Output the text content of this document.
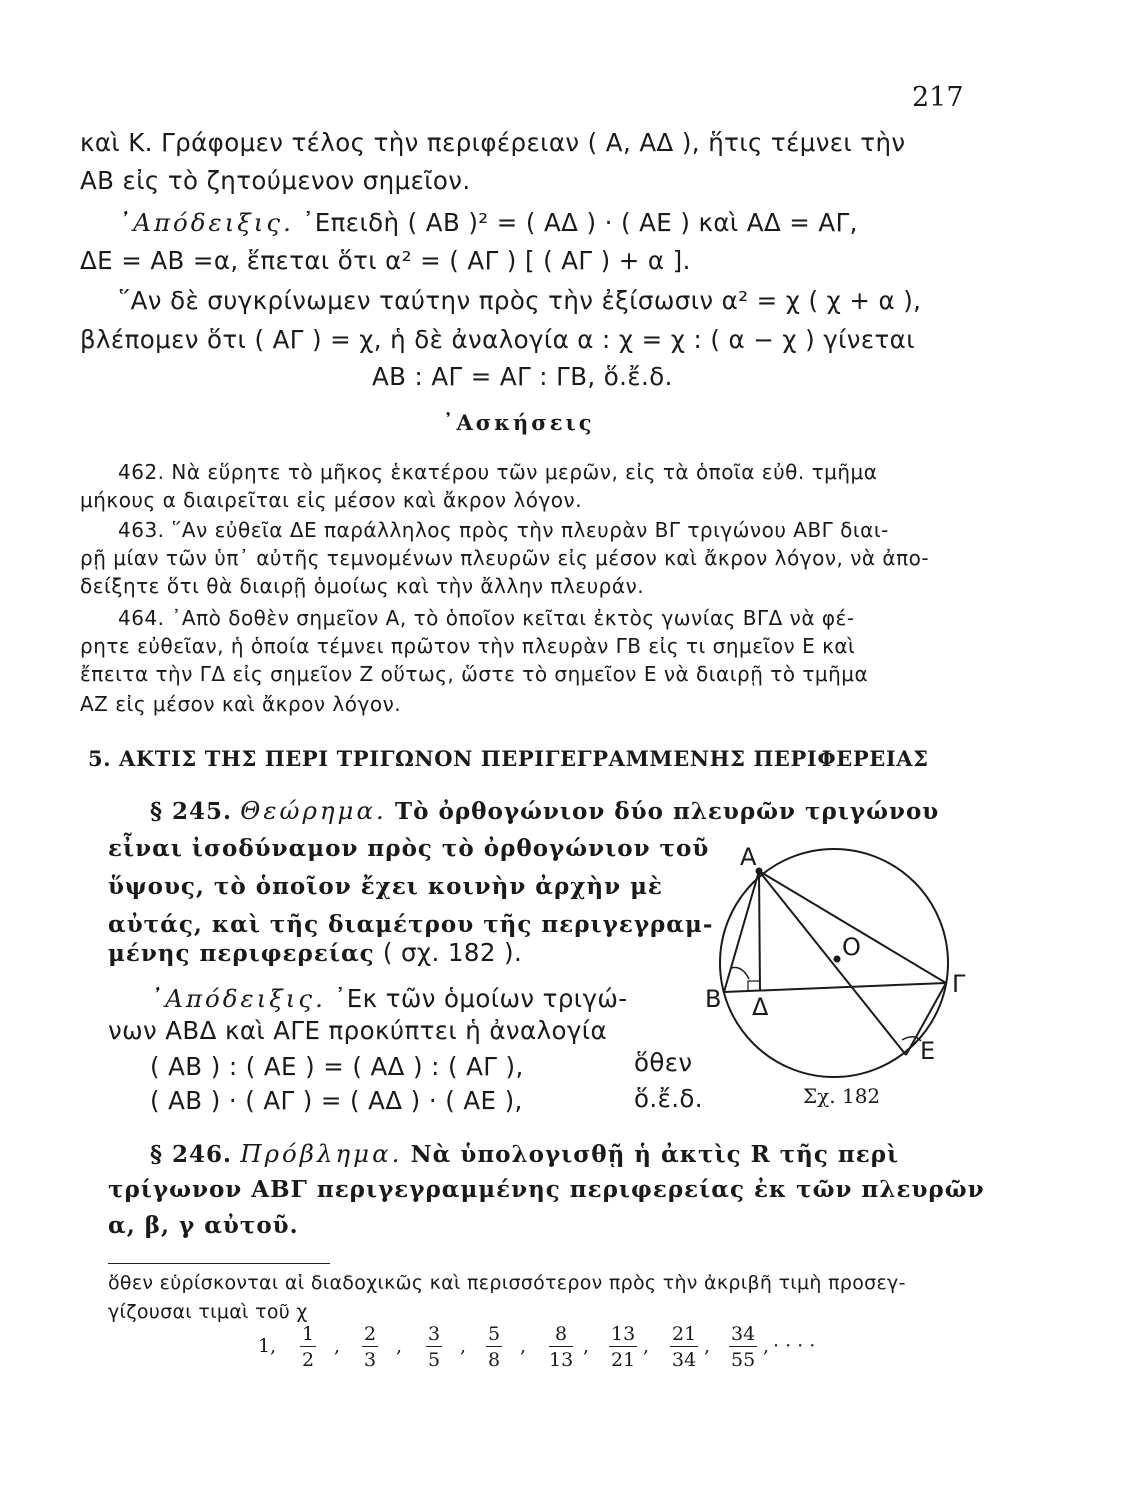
217
καὶ Κ. Γράφομεν τέλος τὴν περιφέρειαν ( Α, ΑΔ ), ἥτις τέμνει τὴν
ΑΒ εἰς τὸ ζητούμενον σημεῖον.
᾿Απόδειξις. ᾿Επειδὴ ( ΑΒ )² = ( ΑΔ ) · ( ΑΕ ) καὶ ΑΔ = ΑΓ,
ΔΕ = ΑΒ =α, ἕπεται ὅτι α² = ( ΑΓ ) [ ( ΑΓ ) + α ].
῞Αν δὲ συγκρίνωμεν ταύτην πρὸς τὴν ἐξίσωσιν α² = χ ( χ + α ),
βλέπομεν ὅτι ( ΑΓ ) = χ, ἡ δὲ ἀναλογία α : χ = χ : ( α − χ ) γίνεται
ΑΒ : ΑΓ = ΑΓ : ΓΒ, ὅ.ἔ.δ.
᾿Ασκήσεις
462. Νὰ εὕρητε τὸ μῆκος ἑκατέρου τῶν μερῶν, εἰς τὰ ὁποῖα εὐθ. τμῆμα
μήκους α διαιρεῖται εἰς μέσον καὶ ἄκρον λόγον.
463. ῞Αν εὐθεῖα ΔΕ παράλληλος πρὸς τὴν πλευρὰν ΒΓ τριγώνου ΑΒΓ διαι-
ρῇ μίαν τῶν ὑπ᾿ αὐτῆς τεμνομένων πλευρῶν εἰς μέσον καὶ ἄκρον λόγον, νὰ ἀπο-
δείξητε ὅτι θὰ διαιρῇ ὁμοίως καὶ τὴν ἄλλην πλευράν.
464. ᾿Απὸ δοθὲν σημεῖον Α, τὸ ὁποῖον κεῖται ἐκτὸς γωνίας ΒΓΔ νὰ φέ-
ρητε εὐθεῖαν, ἡ ὁποία τέμνει πρῶτον τὴν πλευρὰν ΓΒ εἰς τι σημεῖον Ε καὶ
ἔπειτα τὴν ΓΔ εἰς σημεῖον Ζ οὕτως, ὥστε τὸ σημεῖον Ε νὰ διαιρῇ τὸ τμῆμα
ΑΖ εἰς μέσον καὶ ἄκρον λόγον.
5. ΑΚΤΙΣ ΤΗΣ ΠΕΡΙ ΤΡΙΓΩΝΟΝ ΠΕΡΙΓΕΓΡΑΜΜΕΝΗΣ ΠΕΡΙΦΕΡΕΙΑΣ
§ 245. Θεώρημα. Τὸ ὀρθογώνιον δύο πλευρῶν τριγώνου
εἶναι ἰσοδύναμον πρὸς τὸ ὀρθογώνιον τοῦ
ὕψους, τὸ ὁποῖον ἔχει κοινὴν ἀρχὴν μὲ
αὐτάς, καὶ τῆς διαμέτρου τῆς περιγεγραμ-
μένης περιφερείας ( σχ. 182 ).
᾿Απόδειξις. ᾿Εκ τῶν ὁμοίων τριγώ-
νων ΑΒΔ καὶ ΑΓΕ προκύπτει ἡ ἀναλογία
( ΑΒ ) : ( ΑΕ ) = ( ΑΔ ) : ( ΑΓ ),	ὅθεν
( ΑΒ ) · ( ΑΓ ) = ( ΑΔ ) · ( ΑΕ ),	ὅ.ἔ.δ.
Α
Ο
Β Δ
Γ
Ε
Σχ. 182
§ 246. Πρόβλημα. Νὰ ὑπολογισθῇ ἡ ἀκτὶς R τῆς περὶ
τρίγωνον ΑΒΓ περιγεγραμμένης περιφερείας ἐκ τῶν πλευρῶν
α, β, γ αὐτοῦ.
ὅθεν εὑρίσκονται αἱ διαδοχικῶς καὶ περισσότερον πρὸς τὴν ἀκριβῆ τιμὴ προσεγ-
γίζουσαι τιμαὶ τοῦ χ
1, $\frac{1}{2}$ , $\frac{2}{3}$ , $\frac{3}{5}$ , $\frac{5}{8}$ , $\frac{8}{13}$ , $\frac{13}{21}$ , $\frac{21}{34}$ , $\frac{34}{55}$ , · · · ·
